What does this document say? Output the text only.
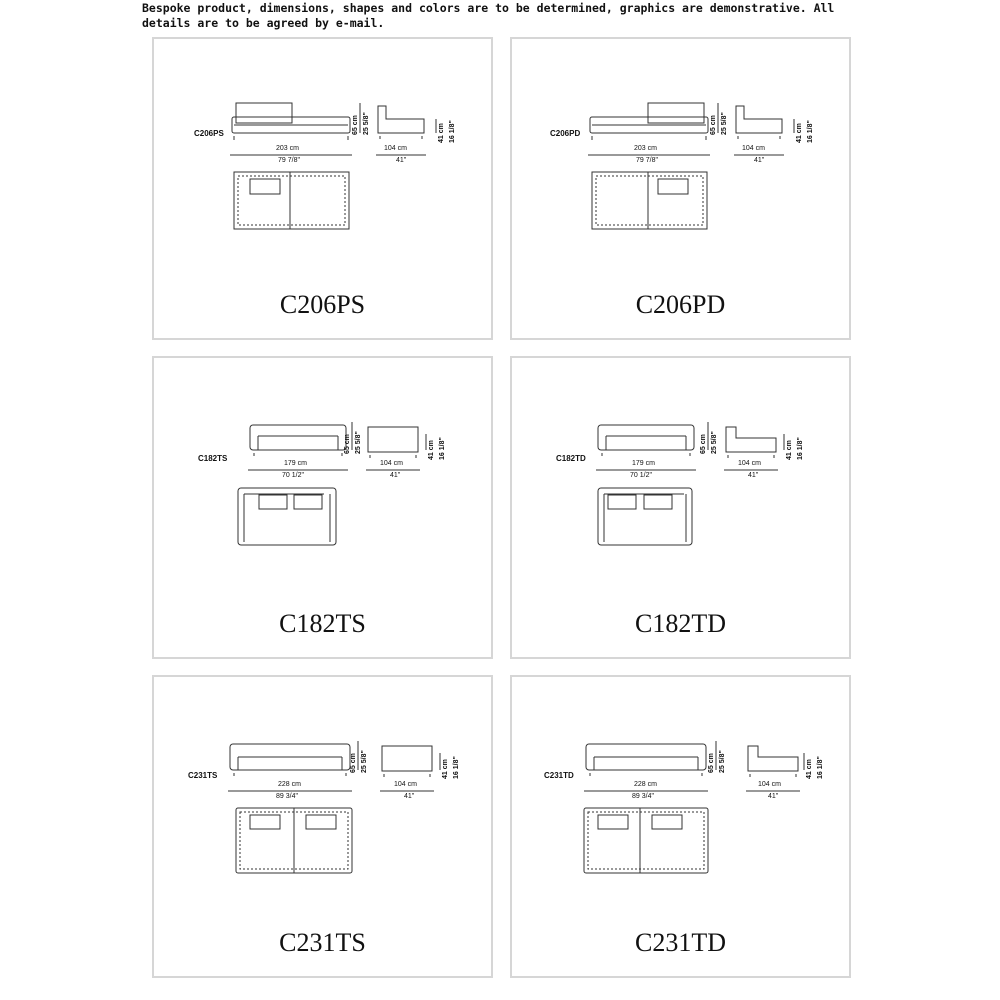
Bespoke product, dimensions, shapes and colors are to be determined, graphics are demonstrative. All details are to be agreed by e-mail.

C206PS
203 cm
79 7/8"
104 cm
41"
65 cm 25 5/8"	41 cm 16 1/8"
C206PS
C206PD
203 cm
79 7/8"
104 cm
41"
65 cm 25 5/8"	41 cm 16 1/8"
C206PD
C182TS
179 cm
70 1/2"
104 cm
41"
65 cm 25 5/8"	41 cm 16 1/8"
C182TS
C182TD
179 cm
70 1/2"
104 cm
41"
65 cm 25 5/8"	41 cm 16 1/8"
C182TD
C231TS
228 cm
89 3/4"
104 cm
41"
65 cm 25 5/8"	41 cm 16 1/8"
C231TS
C231TD
228 cm
89 3/4"
104 cm
41"
65 cm 25 5/8"	41 cm 16 1/8"
C231TD
